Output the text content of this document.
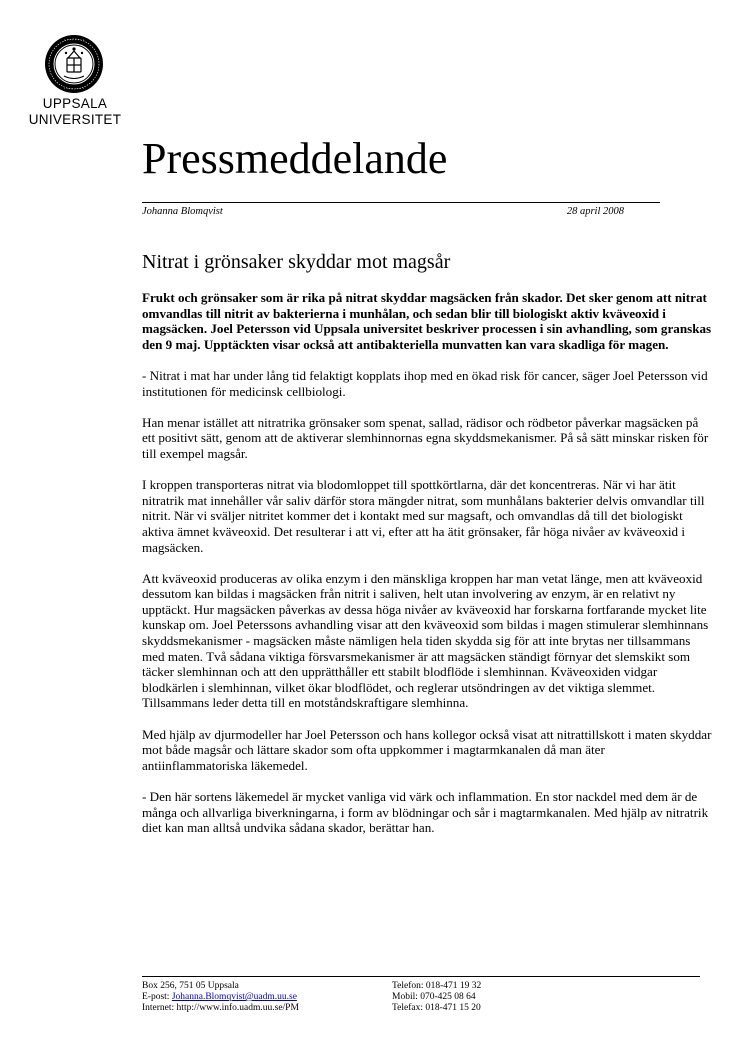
· · · · · · · ·
· · · · · · · ·
UPPSALA
UNIVERSITET
Pressmeddelande
Johanna Blomqvist	28 april 2008
Nitrat i grönsaker skyddar mot magsår

Frukt och grönsaker som är rika på nitrat skyddar magsäcken från skador. Det sker genom att nitrat omvandlas till nitrit av bakterierna i munhålan, och sedan blir till biologiskt aktiv kväveoxid i magsäcken. Joel Petersson vid Uppsala universitet beskriver processen i sin avhandling, som granskas den 9 maj. Upptäckten visar också att antibakteriella munvatten kan vara skadliga för magen.

- Nitrat i mat har under lång tid felaktigt kopplats ihop med en ökad risk för cancer, säger Joel Petersson vid institutionen för medicinsk cellbiologi.

Han menar istället att nitratrika grönsaker som spenat, sallad, rädisor och rödbetor påverkar magsäcken på ett positivt sätt, genom att de aktiverar slemhinnornas egna skyddsmekanismer. På så sätt minskar risken för till exempel magsår.

I kroppen transporteras nitrat via blodomloppet till spottkörtlarna, där det koncentreras. När vi har ätit nitratrik mat innehåller vår saliv därför stora mängder nitrat, som munhålans bakterier delvis omvandlar till nitrit. När vi sväljer nitritet kommer det i kontakt med sur magsaft, och omvandlas då till det biologiskt aktiva ämnet kväveoxid. Det resulterar i att vi, efter att ha ätit grönsaker, får höga nivåer av kväveoxid i magsäcken.

Att kväveoxid produceras av olika enzym i den mänskliga kroppen har man vetat länge, men att kväveoxid dessutom kan bildas i magsäcken från nitrit i saliven, helt utan involvering av enzym, är en relativt ny upptäckt. Hur magsäcken påverkas av dessa höga nivåer av kväveoxid har forskarna fortfarande mycket lite kunskap om. Joel Peterssons avhandling visar att den kväveoxid som bildas i magen stimulerar slemhinnans skyddsmekanismer - magsäcken måste nämligen hela tiden skydda sig för att inte brytas ner tillsammans med maten. Två sådana viktiga försvarsmekanismer är att magsäcken ständigt förnyar det slemskikt som täcker slemhinnan och att den upprätthåller ett stabilt blodflöde i slemhinnan. Kväveoxiden vidgar blodkärlen i slemhinnan, vilket ökar blodflödet, och reglerar utsöndringen av det viktiga slemmet. Tillsammans leder detta till en motståndskraftigare slemhinna.

Med hjälp av djurmodeller har Joel Petersson och hans kollegor också visat att nitrattillskott i maten skyddar mot både magsår och lättare skador som ofta uppkommer i magtarmkanalen då man äter antiinflammatoriska läkemedel.

- Den här sortens läkemedel är mycket vanliga vid värk och inflammation. En stor nackdel med dem är de många och allvarliga biverkningarna, i form av blödningar och sår i magtarmkanalen. Med hjälp av nitratrik diet kan man alltså undvika sådana skador, berättar han.

Box 256, 751 05 Uppsala
E-post: Johanna.Blomqvist@uadm.uu.se
Internet: http://www.info.uadm.uu.se/PM
Telefon: 018-471 19 32
Mobil: 070-425 08 64
Telefax: 018-471 15 20
